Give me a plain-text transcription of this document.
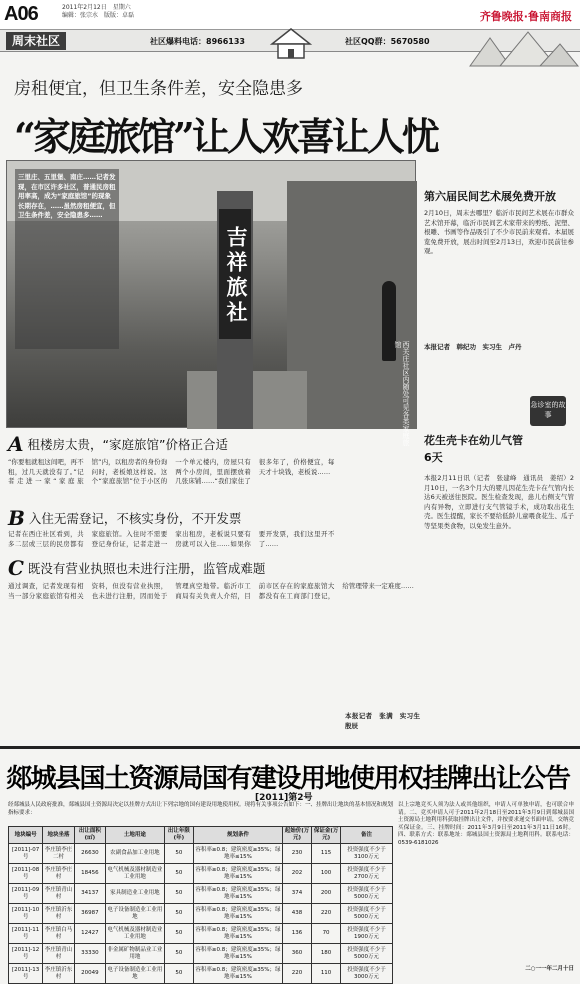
A06	2011年2月12日　星期六
编辑：张宗水　版版：卓磊	齐鲁晚报·鲁南商报
周末社区	社区爆料电话：8966133	社区QQ群：5670580
房租便宜，但卫生条件差，安全隐患多
“家庭旅馆”让人欢喜让人忧
吉祥旅社
西关庄社区内随处可见各类家庭旅馆
三里庄、五里堡、南庄……记者发现，在市区许多社区，普通民房租用率高，成为“家庭旅馆”的现象长期存在，……虽然房租便宜，但卫生条件差，安全隐患多……
A租楼房太贵，“家庭旅馆”价格正合适
“你要租就租这间吧，再不租，过几天就没有了。”记者走进一家“家庭旅馆”内，以租房者的身份询问时，老板娘这样说。这个“家庭旅馆”位于小区的一个单元楼内，房屋只有两个小房间，里面摆放着几张床铺……“我们家住了很多年了，价格便宜，每天才十块钱，老板说……
B入住无需登记，不核实身份，不开发票
记者在西庄社区看到，共多二层或三层的民房都有家庭旅馆。入住时不需要登记身份证，记者走进一家出租房，老板说只要有房就可以入住……如果你要开发票，我们这里开不了……
C既没有营业执照也未进行注册，监管成难题
通过调查，记者发现有相当一部分家庭旅馆有相关资料，但没有营业执照，也未进行注册，因而处于管理真空地带。临沂市工商局有关负责人介绍，目前市区存在的家庭旅馆大都没有在工商部门登记，给管理带来一定难度……
本报记者　张满　实习生　殷辰
第六届民间艺术展免费开放
2月10日，周末去哪里？临沂市民间艺术展在市群众艺术馆开幕，临沂市民间艺术家带来的剪纸、泥塑、根雕、书画等作品吸引了不少市民前来观看。本届展览免费开放，展出时间至2月13日，欢迎市民前往参观。
本报记者　韩纪功　实习生　卢丹
急诊室的故事
花生壳卡在幼儿气管6天
本报2月11日讯（记者　张建峰　通讯员　姜绍）2月10日，一名3个月大的婴儿因花生壳卡在气管内长达6天被送往医院。医生检查发现，患儿右侧支气管内有异物，立即进行支气管镜手术，成功取出花生壳。医生提醒，家长不要给低龄儿童喂食花生、瓜子等坚果类食物，以免发生意外。
郯城县国土资源局国有建设用地使用权挂牌出让公告
[2011]第2号
经郯城县人民政府批准，郯城县国土资源局决定以挂牌方式出让下列宗地的国有建设用地使用权。现将有关事项公告如下：一、挂牌出让地块的基本情况和规划指标要求：
地块编号	地块坐落	出让面积(㎡)	土地用途	出让年限(年)	规划条件	起始价(万元)	保证金(万元)	备注
[2011]-07号	李庄镇李庄二村	26630	农副食品加工业用地	50	容积率≥0.8；建筑密度≥35%；绿地率≤15%	230	115	投资强度不少于3100万元
[2011]-08号	李庄镇李庄村	18456	电气机械及器材制造业工业用地	50	容积率≥0.8；建筑密度≥35%；绿地率≤15%	202	100	投资强度不少于2700万元
[2011]-09号	李庄镇青山村	34137	家具制造业工业用地	50	容积率≥0.8；建筑密度≥35%；绿地率≤15%	374	200	投资强度不少于5000万元
[2011]-10号	李庄镇沂东村	36987	电子设备制造业工业用地	50	容积率≥0.8；建筑密度≥35%；绿地率≤15%	438	220	投资强度不少于5000万元
[2011]-11号	李庄镇白马村	12427	电气机械及器材制造业工业用地	50	容积率≥0.8；建筑密度≥35%；绿地率≤15%	136	70	投资强度不少于1900万元
[2011]-12号	李庄镇青山村	33330	非金属矿物制品业工业用地	50	容积率≥0.8；建筑密度≥35%；绿地率≤15%	360	180	投资强度不少于5000万元
[2011]-13号	李庄镇沂东村	20049	电子设备制造业工业用地	50	容积率≥0.8；建筑密度≥35%；绿地率≤15%	220	110	投资强度不少于3000万元
以上宗地竞买人须为法人或其他组织，申请人可单独申请，也可联合申请。二、竞买申请人可于2011年2月18日至2011年3月9日到郯城县国土资源局土地利用科获取挂牌出让文件，并按要求递交书面申请，交纳竞买保证金。三、挂牌时间：2011年3月9日至2011年3月11日16时。四、联系方式：联系地址：郯城县国土资源局土地利用科。联系电话：0539-6181026
二○一一年二月十日
